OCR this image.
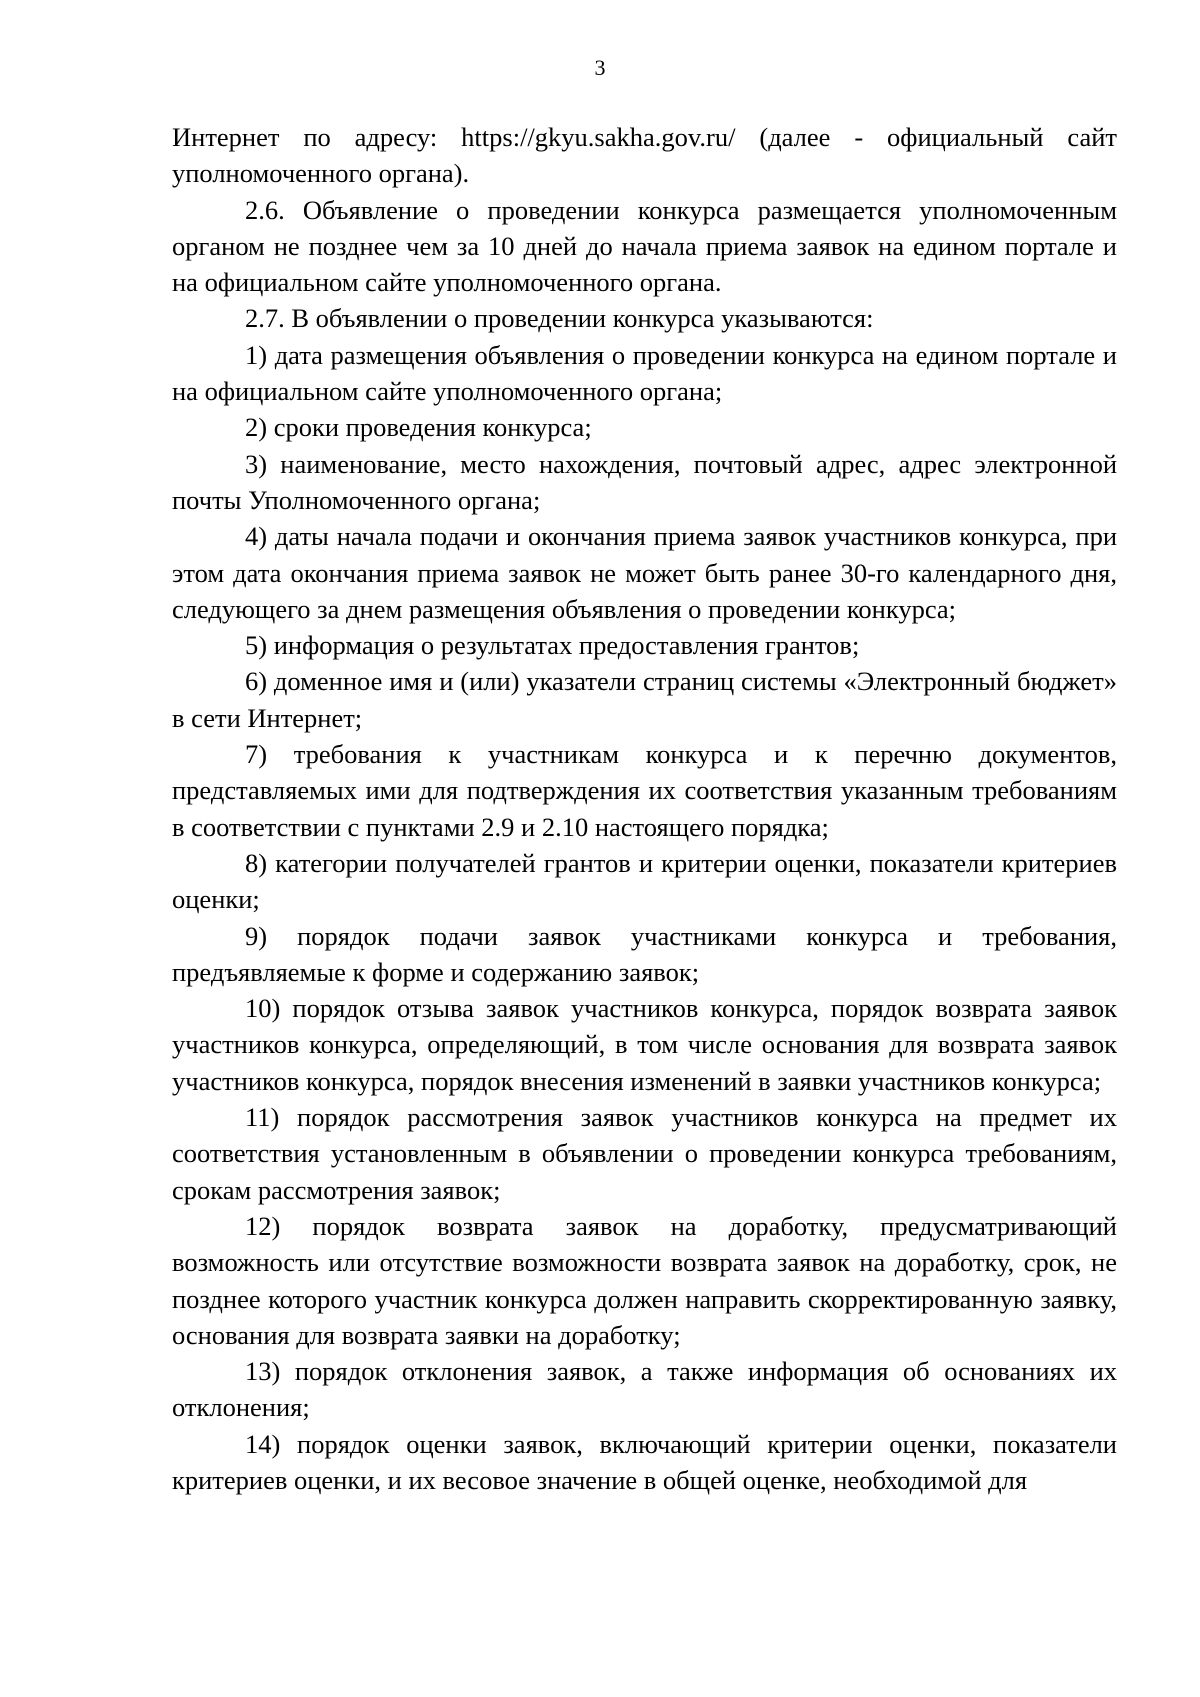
3

Интернет по адресу: https://gkyu.sakha.gov.ru/ (далее - официальный сайт уполномоченного органа).

2.6. Объявление о проведении конкурса размещается уполномоченным органом не позднее чем за 10 дней до начала приема заявок на едином портале и на официальном сайте уполномоченного органа.

2.7. В объявлении о проведении конкурса указываются:

1) дата размещения объявления о проведении конкурса на едином портале и на официальном сайте уполномоченного органа;

2) сроки проведения конкурса;

3) наименование, место нахождения, почтовый адрес, адрес электронной почты Уполномоченного органа;

4) даты начала подачи и окончания приема заявок участников конкурса, при этом дата окончания приема заявок не может быть ранее 30-го календарного дня, следующего за днем размещения объявления о проведении конкурса;

5) информация о результатах предоставления грантов;

6) доменное имя и (или) указатели страниц системы «Электронный бюджет» в сети Интернет;

7) требования к участникам конкурса и к перечню документов, представляемых ими для подтверждения их соответствия указанным требованиям в соответствии с пунктами 2.9 и 2.10 настоящего порядка;

8) категории получателей грантов и критерии оценки, показатели критериев оценки;

9) порядок подачи заявок участниками конкурса и требования, предъявляемые к форме и содержанию заявок;

10) порядок отзыва заявок участников конкурса, порядок возврата заявок участников конкурса, определяющий, в том числе основания для возврата заявок участников конкурса, порядок внесения изменений в заявки участников конкурса;

11) порядок рассмотрения заявок участников конкурса на предмет их соответствия установленным в объявлении о проведении конкурса требованиям, срокам рассмотрения заявок;

12) порядок возврата заявок на доработку, предусматривающий возможность или отсутствие возможности возврата заявок на доработку, срок, не позднее которого участник конкурса должен направить скорректированную заявку, основания для возврата заявки на доработку;

13) порядок отклонения заявок, а также информация об основаниях их отклонения;

14) порядок оценки заявок, включающий критерии оценки, показатели критериев оценки, и их весовое значение в общей оценке, необходимой для
